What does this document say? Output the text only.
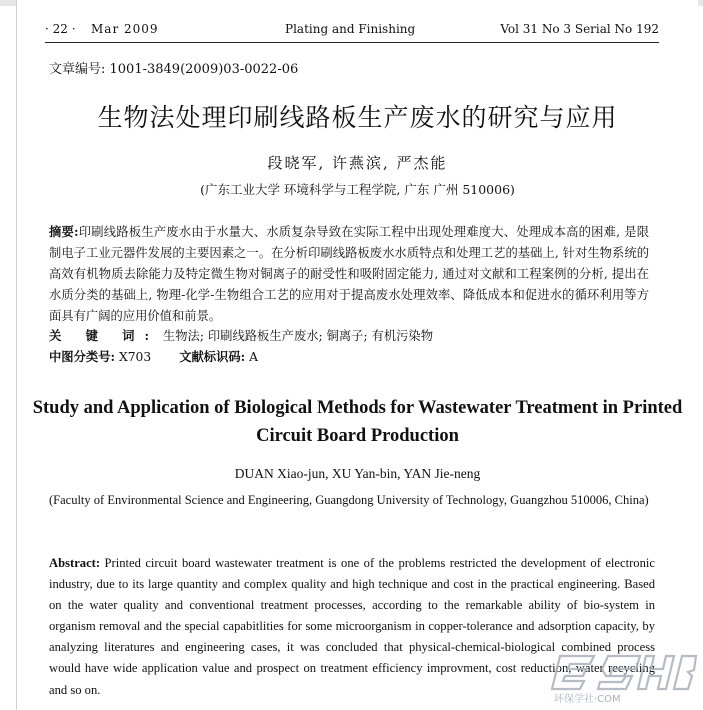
· 22 · Mar 2009	Plating and Finishing	Vol 31 No 3 Serial No 192
文章编号: 1001-3849(2009)03-0022-06
生物法处理印刷线路板生产废水的研究与应用
段晓军, 许燕滨, 严杰能
(广东工业大学 环境科学与工程学院, 广东 广州 510006)
摘要:印刷线路板生产废水由于水量大、水质复杂导致在实际工程中出现处理难度大、处理成本高的困难, 是限制电子工业元器件发展的主要因素之一。在分析印刷线路板废水水质特点和处理工艺的基础上, 针对生物系统的高效有机物质去除能力及特定微生物对铜离子的耐受性和吸附固定能力, 通过对文献和工程案例的分析, 提出在水质分类的基础上, 物理-化学-生物组合工艺的应用对于提高废水处理效率、降低成本和促进水的循环利用等方面具有广阔的应用价值和前景。
关 键 词: 生物法; 印刷线路板生产废水; 铜离子; 有机污染物
中图分类号: X703 文献标识码: A
Study and Application of Biological Methods for Wastewater Treatment in Printed Circuit Board Production
DUAN Xiao-jun, XU Yan-bin, YAN Jie-neng
(Faculty of Environmental Science and Engineering, Guangdong University of Technology, Guangzhou 510006, China)
Abstract: Printed circuit board wastewater treatment is one of the problems restricted the development of electronic industry, due to its large quantity and complex quality and high technique and cost in the practical engineering. Based on the water quality and conventional treatment processes, according to the remarkable ability of bio-system in organism removal and the special capabitlities for some microorganism in copper-tolerance and adsorption capacity, by analyzing literatures and engineering cases, it was concluded that physical-chemical-biological combined process would have wide application value and prospect on treatment efficiency improvment, cost reduction, water recycling and so on.
环保学社·COM
